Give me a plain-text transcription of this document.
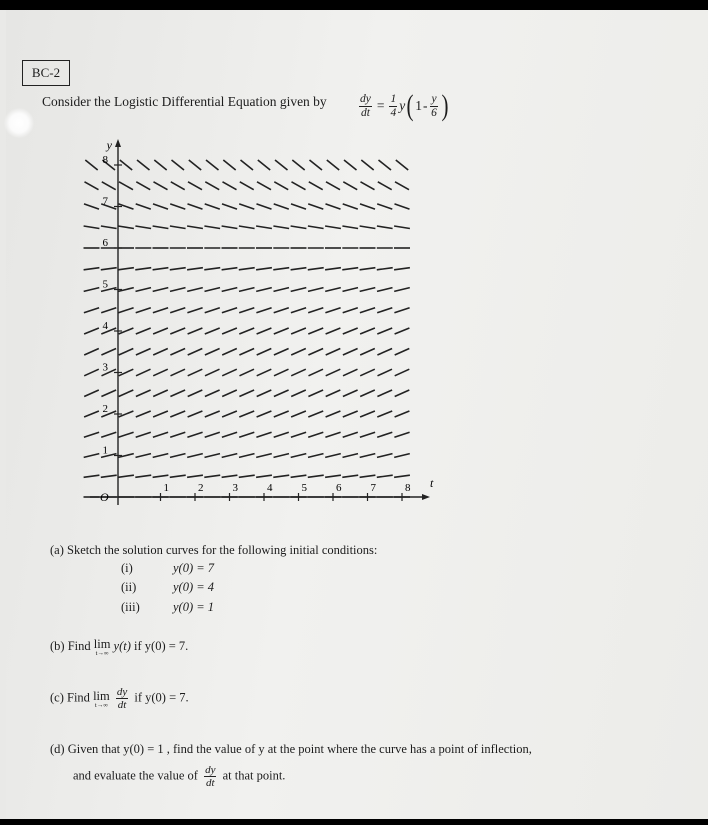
BC-2
Consider the Logistic Differential Equation given by	$\frac{dy}{dt} = \frac{1}{4}$ y ( $1 - \frac{y}{6}$ )
y
t
O
1	2	3	4	5	6	7	8
1
2
3
4
5
6
7
8
(a) Sketch the solution curves for the following initial conditions:
(i)	y(0) = 7
(ii)	y(0) = 4
(iii)	y(0) = 1
(b) Find lim
t→∞
y(t) if y(0) = 7.
(c) Find lim
t→∞
$\frac{dy}{dt}$ if y(0) = 7.
(d) Given that y(0) = 1 , find the value of y at the point where the curve has a point of inflection,
and evaluate the value of $\frac{dy}{dt}$ at that point.
